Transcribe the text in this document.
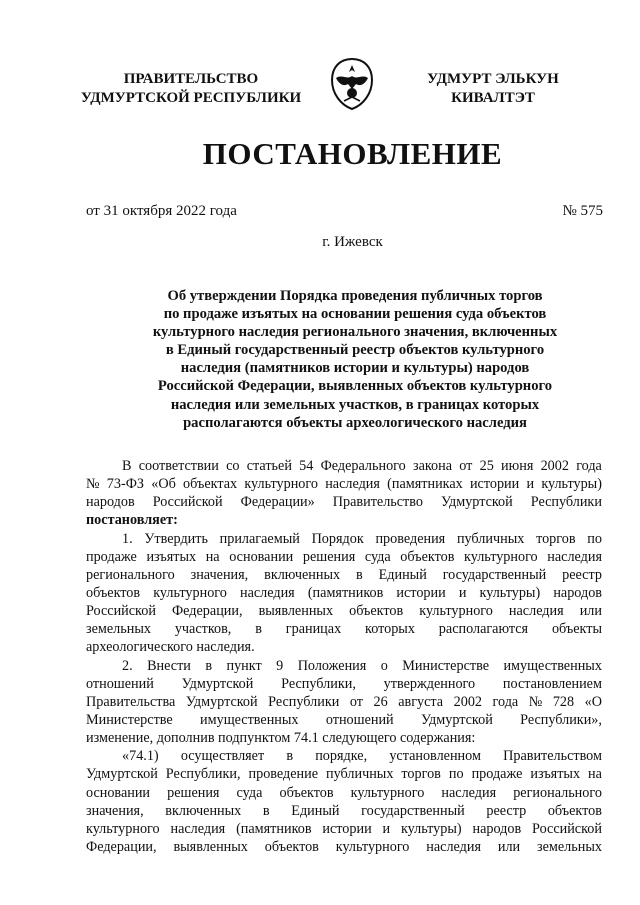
ПРАВИТЕЛЬСТВО
УДМУРТСКОЙ РЕСПУБЛИКИ
УДМУРТ ЭЛЬКУН
КИВАЛТЭТ
ПОСТАНОВЛЕНИЕ
от 31 октября 2022 года	№ 575
г. Ижевск
Об утверждении Порядка проведения публичных торгов
по продаже изъятых на основании решения суда объектов
культурного наследия регионального значения, включенных
в Единый государственный реестр объектов культурного
наследия (памятников истории и культуры) народов
Российской Федерации, выявленных объектов культурного
наследия или земельных участков, в границах которых
располагаются объекты археологического наследия
В соответствии со статьей 54 Федерального закона от 25 июня 2002 года
№ 73-ФЗ «Об объектах культурного наследия (памятниках истории и культуры)
народов Российской Федерации» Правительство Удмуртской Республики
постановляет:
1. Утвердить прилагаемый Порядок проведения публичных торгов по
продаже изъятых на основании решения суда объектов культурного наследия
регионального значения, включенных в Единый государственный реестр
объектов культурного наследия (памятников истории и культуры) народов
Российской Федерации, выявленных объектов культурного наследия или
земельных участков, в границах которых располагаются объекты
археологического наследия.
2. Внести в пункт 9 Положения о Министерстве имущественных
отношений Удмуртской Республики, утвержденного постановлением
Правительства Удмуртской Республики от 26 августа 2002 года № 728 «О
Министерстве имущественных отношений Удмуртской Республики»,
изменение, дополнив подпунктом 74.1 следующего содержания:
«74.1) осуществляет в порядке, установленном Правительством
Удмуртской Республики, проведение публичных торгов по продаже изъятых на
основании решения суда объектов культурного наследия регионального
значения, включенных в Единый государственный реестр объектов
культурного наследия (памятников истории и культуры) народов Российской
Федерации, выявленных объектов культурного наследия или земельных
